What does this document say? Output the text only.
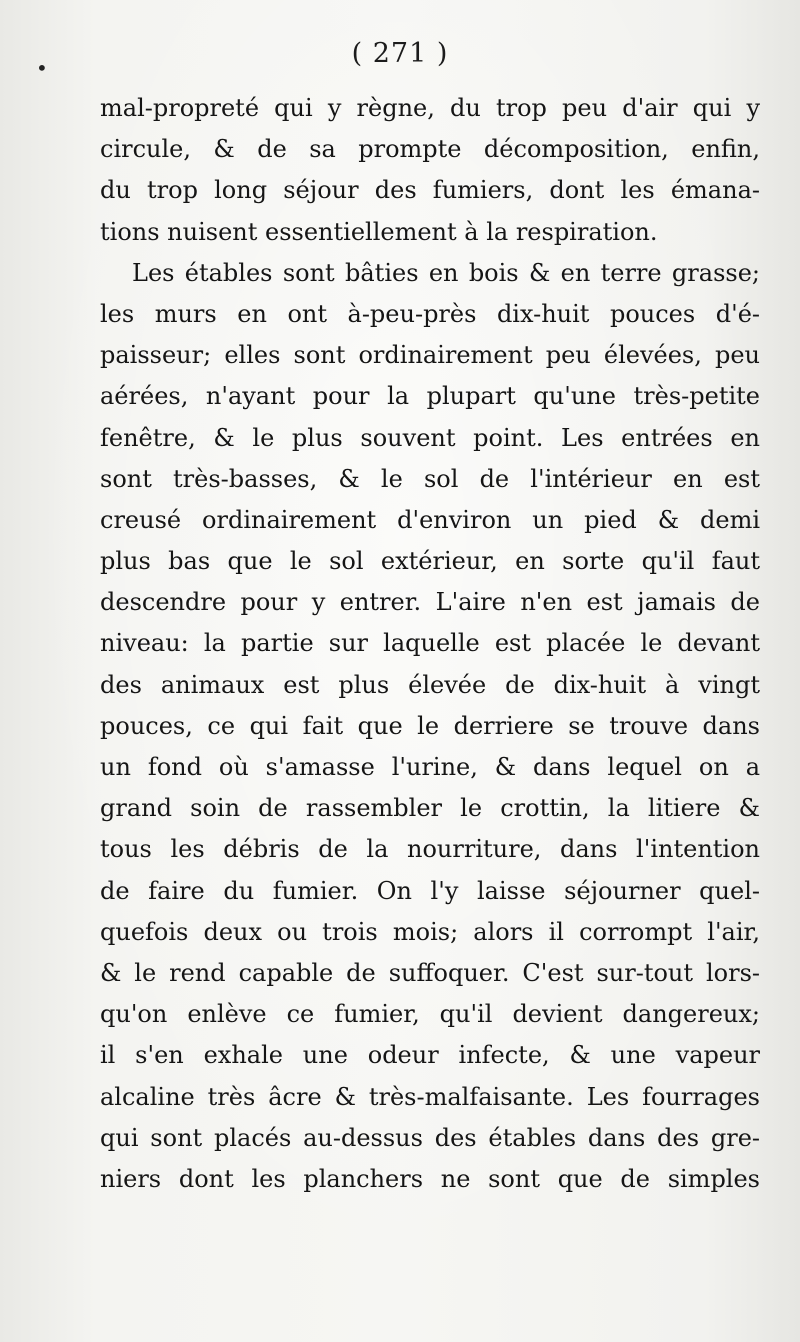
•	( 271 )
mal-propreté qui y règne, du trop peu d'air qui y
circule, & de sa prompte décomposition, enfin,
du trop long séjour des fumiers, dont les émana-
tions nuisent essentiellement à la respiration.
Les étables sont bâties en bois & en terre grasse;
les murs en ont à-peu-près dix-huit pouces d'é-
paisseur; elles sont ordinairement peu élevées, peu
aérées, n'ayant pour la plupart qu'une très-petite
fenêtre, & le plus souvent point. Les entrées en
sont très-basses, & le sol de l'intérieur en est
creusé ordinairement d'environ un pied & demi
plus bas que le sol extérieur, en sorte qu'il faut
descendre pour y entrer. L'aire n'en est jamais de
niveau: la partie sur laquelle est placée le devant
des animaux est plus élevée de dix-huit à vingt
pouces, ce qui fait que le derriere se trouve dans
un fond où s'amasse l'urine, & dans lequel on a
grand soin de rassembler le crottin, la litiere &
tous les débris de la nourriture, dans l'intention
de faire du fumier. On l'y laisse séjourner quel-
quefois deux ou trois mois; alors il corrompt l'air,
& le rend capable de suffoquer. C'est sur-tout lors-
qu'on enlève ce fumier, qu'il devient dangereux;
il s'en exhale une odeur infecte, & une vapeur
alcaline très âcre & très-malfaisante. Les fourrages
qui sont placés au-dessus des étables dans des gre-
niers dont les planchers ne sont que de simples
